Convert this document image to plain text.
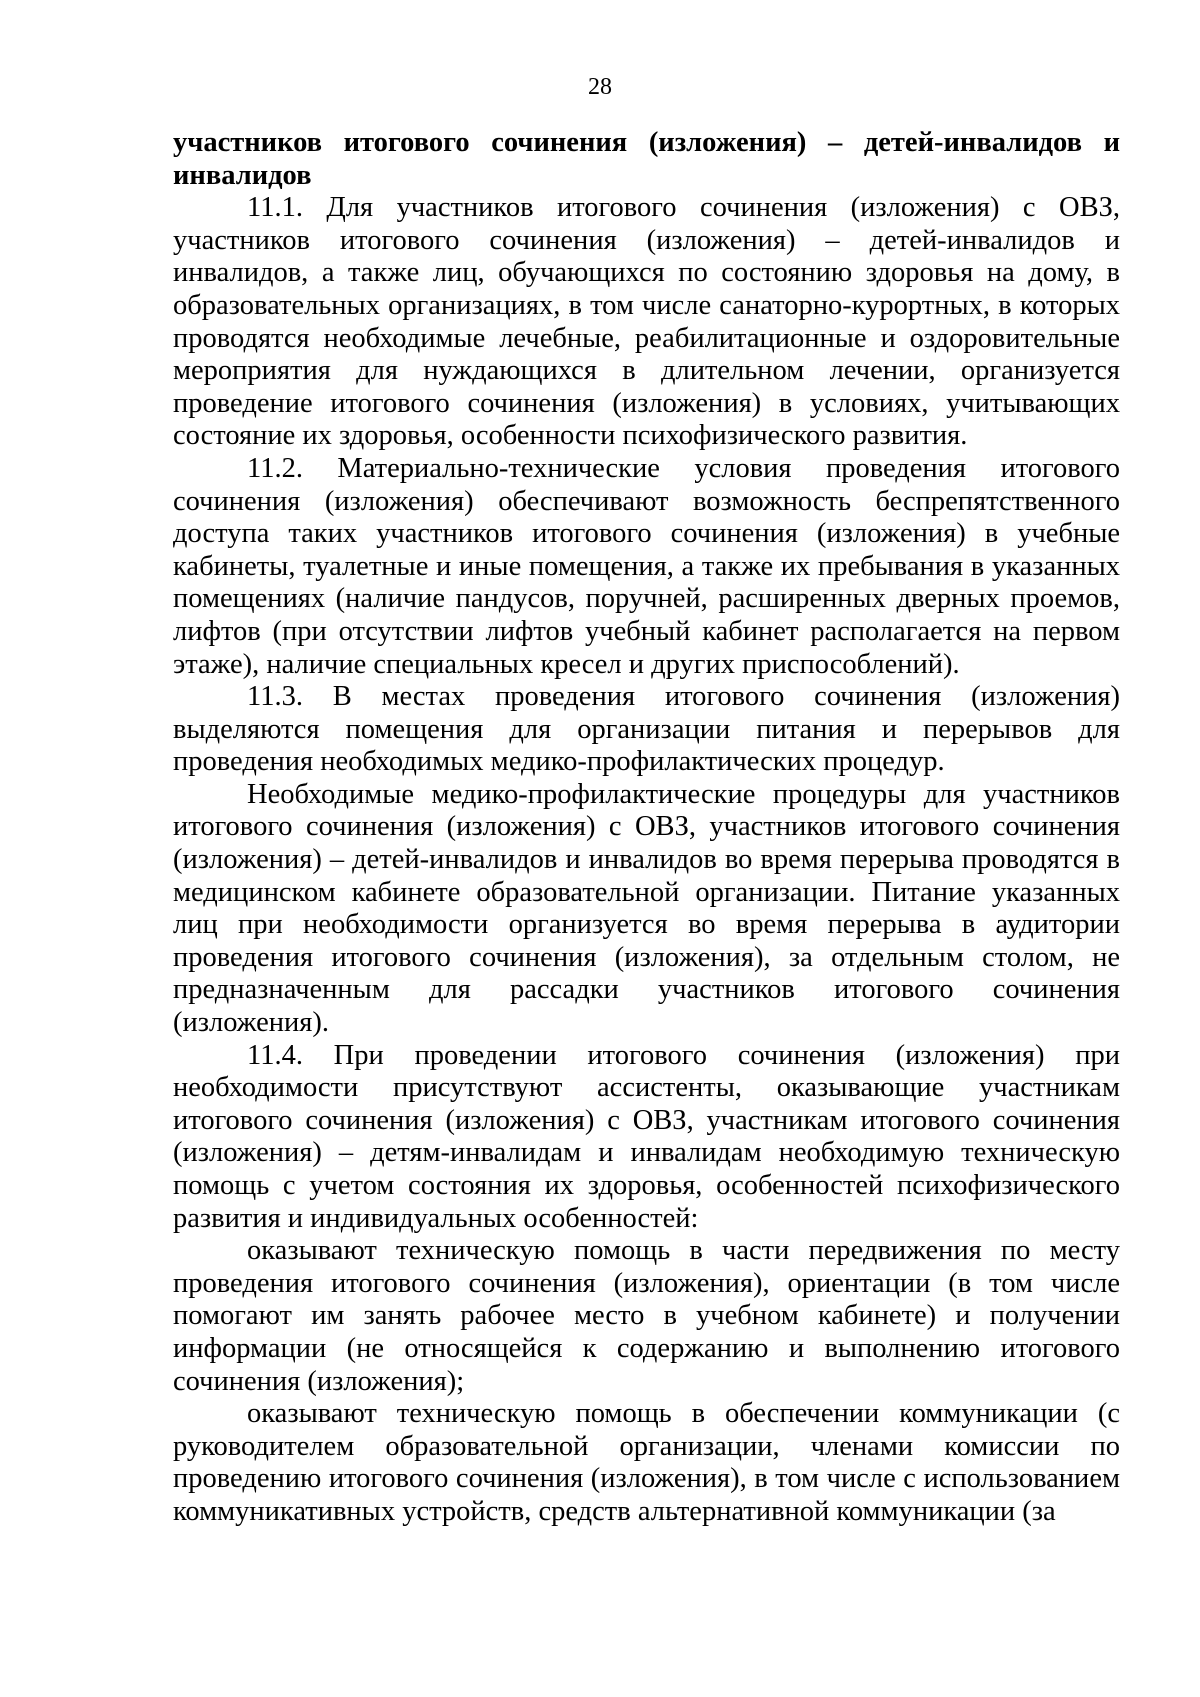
28

участников итогового сочинения (изложения) – детей-инвалидов и инвалидов

11.1. Для участников итогового сочинения (изложения) с ОВЗ, участников итогового сочинения (изложения) – детей-инвалидов и инвалидов, а также лиц, обучающихся по состоянию здоровья на дому, в образовательных организациях, в том числе санаторно-курортных, в которых проводятся необходимые лечебные, реабилитационные и оздоровительные мероприятия для нуждающихся в длительном лечении, организуется проведение итогового сочинения (изложения) в условиях, учитывающих состояние их здоровья, особенности психофизического развития.

11.2. Материально-технические условия проведения итогового сочинения (изложения) обеспечивают возможность беспрепятственного доступа таких участников итогового сочинения (изложения) в учебные кабинеты, туалетные и иные помещения, а также их пребывания в указанных помещениях (наличие пандусов, поручней, расширенных дверных проемов, лифтов (при отсутствии лифтов учебный кабинет располагается на первом этаже), наличие специальных кресел и других приспособлений).

11.3. В местах проведения итогового сочинения (изложения) выделяются помещения для организации питания и перерывов для проведения необходимых медико-профилактических процедур.

Необходимые медико-профилактические процедуры для участников итогового сочинения (изложения) с ОВЗ, участников итогового сочинения (изложения) – детей-инвалидов и инвалидов во время перерыва проводятся в медицинском кабинете образовательной организации. Питание указанных лиц при необходимости организуется во время перерыва в аудитории проведения итогового сочинения (изложения), за отдельным столом, не предназначенным для рассадки участников итогового сочинения (изложения).

11.4. При проведении итогового сочинения (изложения) при необходимости присутствуют ассистенты, оказывающие участникам итогового сочинения (изложения) с ОВЗ, участникам итогового сочинения (изложения) – детям-инвалидам и инвалидам необходимую техническую помощь с учетом состояния их здоровья, особенностей психофизического развития и индивидуальных особенностей:

оказывают техническую помощь в части передвижения по месту проведения итогового сочинения (изложения), ориентации (в том числе помогают им занять рабочее место в учебном кабинете) и получении информации (не относящейся к содержанию и выполнению итогового сочинения (изложения);

оказывают техническую помощь в обеспечении коммуникации (с руководителем образовательной организации, членами комиссии по проведению итогового сочинения (изложения), в том числе с использованием коммуникативных устройств, средств альтернативной коммуникации (за
